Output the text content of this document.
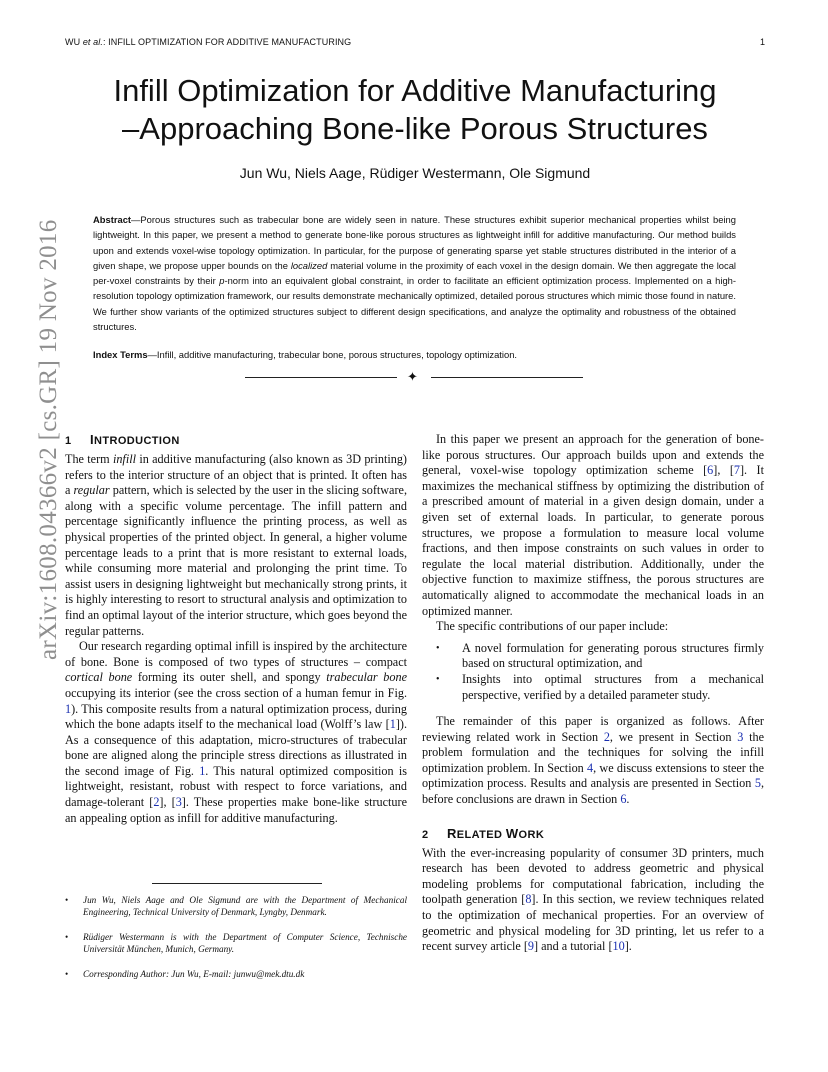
WU et al.: INFILL OPTIMIZATION FOR ADDITIVE MANUFACTURING	1
arXiv:1608.04366v2 [cs.GR] 19 Nov 2016
Infill Optimization for Additive Manufacturing
–Approaching Bone-like Porous Structures
Jun Wu, Niels Aage, Rüdiger Westermann, Ole Sigmund
Abstract—Porous structures such as trabecular bone are widely seen in nature. These structures exhibit superior mechanical properties whilst being lightweight. In this paper, we present a method to generate bone-like porous structures as lightweight infill for additive manufacturing. Our method builds upon and extends voxel-wise topology optimization. In particular, for the purpose of generating sparse yet stable structures distributed in the interior of a given shape, we propose upper bounds on the localized material volume in the proximity of each voxel in the design domain. We then aggregate the local per-voxel constraints by their p-norm into an equivalent global constraint, in order to facilitate an efficient optimization process. Implemented on a high-resolution topology optimization framework, our results demonstrate mechanically optimized, detailed porous structures which mimic those found in nature. We further show variants of the optimized structures subject to different design specifications, and analyze the optimality and robustness of the obtained structures.
Index Terms—Infill, additive manufacturing, trabecular bone, porous structures, topology optimization.
✦
1 INTRODUCTION

The term infill in additive manufacturing (also known as 3D printing) refers to the interior structure of an object that is printed. It often has a regular pattern, which is selected by the user in the slicing software, along with a specific volume percentage. The infill pattern and percentage significantly influence the printing process, as well as physical properties of the printed object. In general, a higher volume percentage leads to a print that is more resistant to external loads, while consuming more material and prolonging the print time. To assist users in designing lightweight but mechanically strong prints, it is highly interesting to resort to structural analysis and optimization to find an optimal layout of the interior structure, which goes beyond the regular patterns.

Our research regarding optimal infill is inspired by the architecture of bone. Bone is composed of two types of structures – compact cortical bone forming its outer shell, and spongy trabecular bone occupying its interior (see the cross section of a human femur in Fig. 1). This composite results from a natural optimization process, during which the bone adapts itself to the mechanical load (Wolff’s law [1]). As a consequence of this adaptation, micro-structures of trabecular bone are aligned along the principle stress directions as illustrated in the second image of Fig. 1. This natural optimized composition is lightweight, resistant, robust with respect to force variations, and damage-tolerant [2], [3]. These properties make bone-like structure an appealing option as infill for additive manufacturing.

• Jun Wu, Niels Aage and Ole Sigmund are with the Department of Mechanical Engineering, Technical University of Denmark, Lyngby, Denmark.
• Rüdiger Westermann is with the Department of Computer Science, Technische Universität München, Munich, Germany.
• Corresponding Author: Jun Wu, E-mail: junwu@mek.dtu.dk

In this paper we present an approach for the generation of bone-like porous structures. Our approach builds upon and extends the general, voxel-wise topology optimization scheme [6], [7]. It maximizes the mechanical stiffness by optimizing the distribution of a prescribed amount of material in a given design domain, under a given set of external loads. In particular, to generate porous structures, we propose a formulation to measure local volume fractions, and then impose constraints on such values in order to regulate the local material distribution. Additionally, under the objective function to maximize stiffness, the porous structures are automatically aligned to accommodate the mechanical loads in an optimized manner.

The specific contributions of our paper include:

• A novel formulation for generating porous structures firmly based on structural optimization, and
• Insights into optimal structures from a mechanical perspective, verified by a detailed parameter study.

The remainder of this paper is organized as follows. After reviewing related work in Section 2, we present in Section 3 the problem formulation and the techniques for solving the infill optimization problem. In Section 4, we discuss extensions to steer the optimization process. Results and analysis are presented in Section 5, before conclusions are drawn in Section 6.

2 RELATED WORK

With the ever-increasing popularity of consumer 3D printers, much research has been devoted to address geometric and physical modeling problems for computational fabrication, including the toolpath generation [8]. In this section, we review techniques related to the optimization of mechanical properties. For an overview of geometric and physical modeling for 3D printing, let us refer to a recent survey article [9] and a tutorial [10].
